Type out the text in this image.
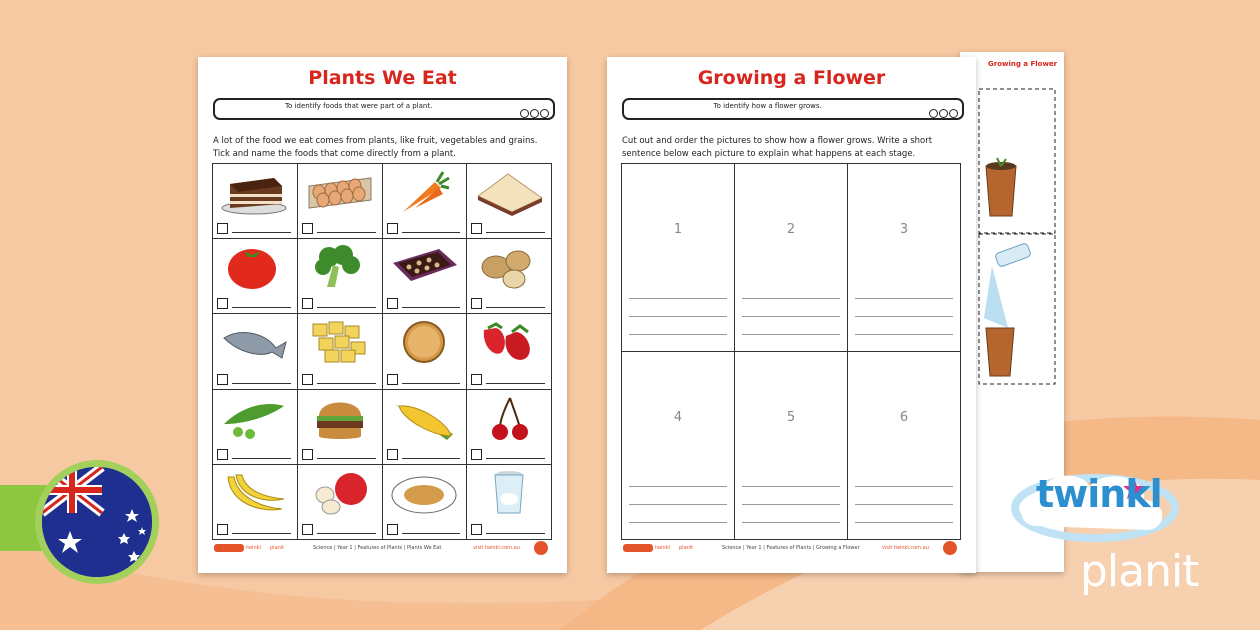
Growing a Flower
Plants We Eat
To identify foods that were part of a plant.
A lot of the food we eat comes from plants, like fruit, vegetables and grains.
Tick and name the foods that come directly from a plant.
twinkl planit	Science | Year 1 | Features of Plants | Plants We Eat	visit twinkl.com.au
Growing a Flower
To identify how a flower grows.
Cut out and order the pictures to show how a flower grows. Write a short
sentence below each picture to explain what happens at each stage.
1	2	3
4	5	6
twinkl planit	Science | Year 1 | Features of Plants | Growing a Flower	visit twinkl.com.au
twinkl
planit
